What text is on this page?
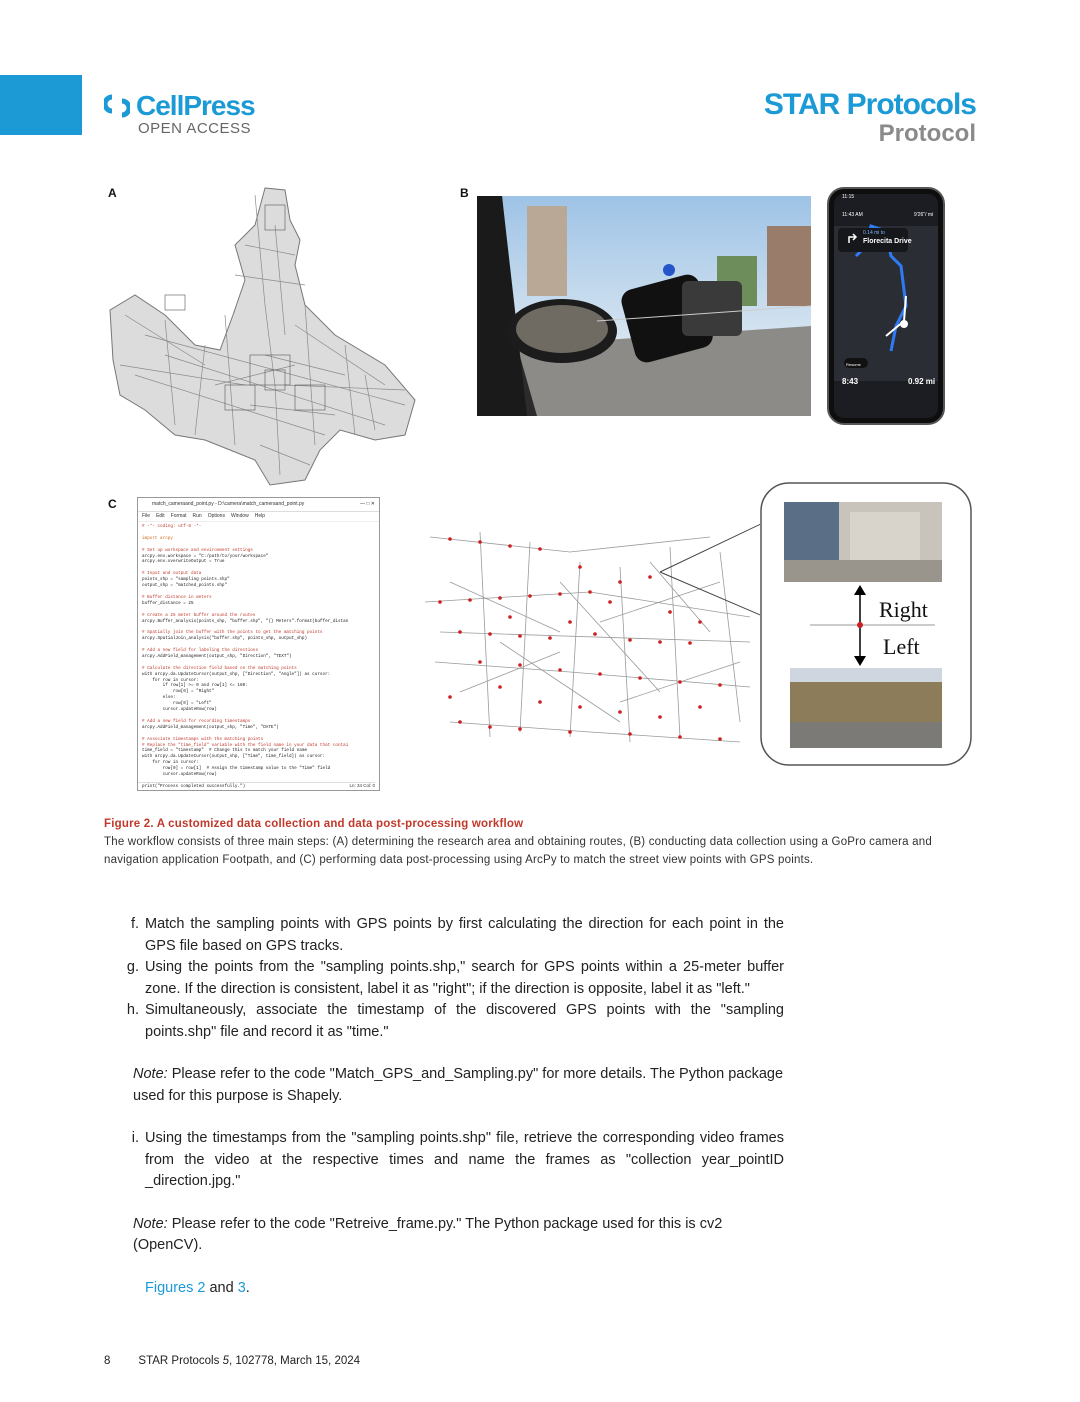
CellPress
OPEN ACCESS
STAR Protocols
Protocol
A	B	11:15
11:43 AM	9'26"/ mi
0.14 mi to
Florecita Drive
Resume
8:43	0.92 mi
C	match_cameraand_point.py - D:\camera\match_cameraand_point.py	— □ ✕
File Edit Format Run Options Window Help
# -*- coding: utf-8 -*-

import arcpy

# Set up workspace and environment settings
arcpy.env.workspace = "C:/path/to/your/workspace"
arcpy.env.overwriteOutput = True

# Input and output data
points_shp = "sampling points.shp"
output_shp = "matched_points.shp"

# Buffer distance in meters
buffer_distance = 25

# Create a 25 meter buffer around the routes
arcpy.Buffer_analysis(points_shp, "buffer.shp", "{} Meters".format(buffer_distan

# Spatially join the buffer with the points to get the matching points
arcpy.SpatialJoin_analysis("buffer.shp", points_shp, output_shp)

# Add a new field for labeling the directions
arcpy.AddField_management(output_shp, "Direction", "TEXT")

# Calculate the direction field based on the matching points
with arcpy.da.UpdateCursor(output_shp, ["Direction", "Angle"]) as cursor:
for row in cursor:
if row[1] >= 0 and row[1] <= 180:
row[0] = "Right"
else:
row[0] = "Left"
cursor.updateRow(row)

# Add a new field for recording timestamps
arcpy.AddField_management(output_shp, "Time", "DATE")

# Associate timestamps with the matching points
# Replace the "time_field" variable with the field name in your data that contai
time_field = "timestamp"  # Change this to match your field name
with arcpy.da.UpdateCursor(output_shp, ["Time", time_field]) as cursor:
for row in cursor:
row[0] = row[1]  # Assign the timestamp value to the "Time" field
cursor.updateRow(row)

print("Process completed successfully.")	Ln: 34 Col: 0
Right
Left
Figure 2. A customized data collection and data post-processing workflow
The workflow consists of three main steps: (A) determining the research area and obtaining routes, (B) conducting data collection using a GoPro camera and navigation application Footpath, and (C) performing data post-processing using ArcPy to match the street view points with GPS points.
f. Match the sampling points with GPS points by first calculating the direction for each point in the GPS file based on GPS tracks.
g. Using the points from the "sampling points.shp," search for GPS points within a 25-meter buffer zone. If the direction is consistent, label it as "right"; if the direction is opposite, label it as "left."
h. Simultaneously, associate the timestamp of the discovered GPS points with the "sampling points.shp" file and record it as "time."
Note: Please refer to the code "Match_GPS_and_Sampling.py" for more details. The Python package used for this purpose is Shapely.
i. Using the timestamps from the "sampling points.shp" file, retrieve the corresponding video frames from the video at the respective times and name the frames as "collection year_pointID _direction.jpg."
Note: Please refer to the code "Retreive_frame.py." The Python package used for this is cv2 (OpenCV).
Figures 2 and 3.
8 STAR Protocols 5, 102778, March 15, 2024
